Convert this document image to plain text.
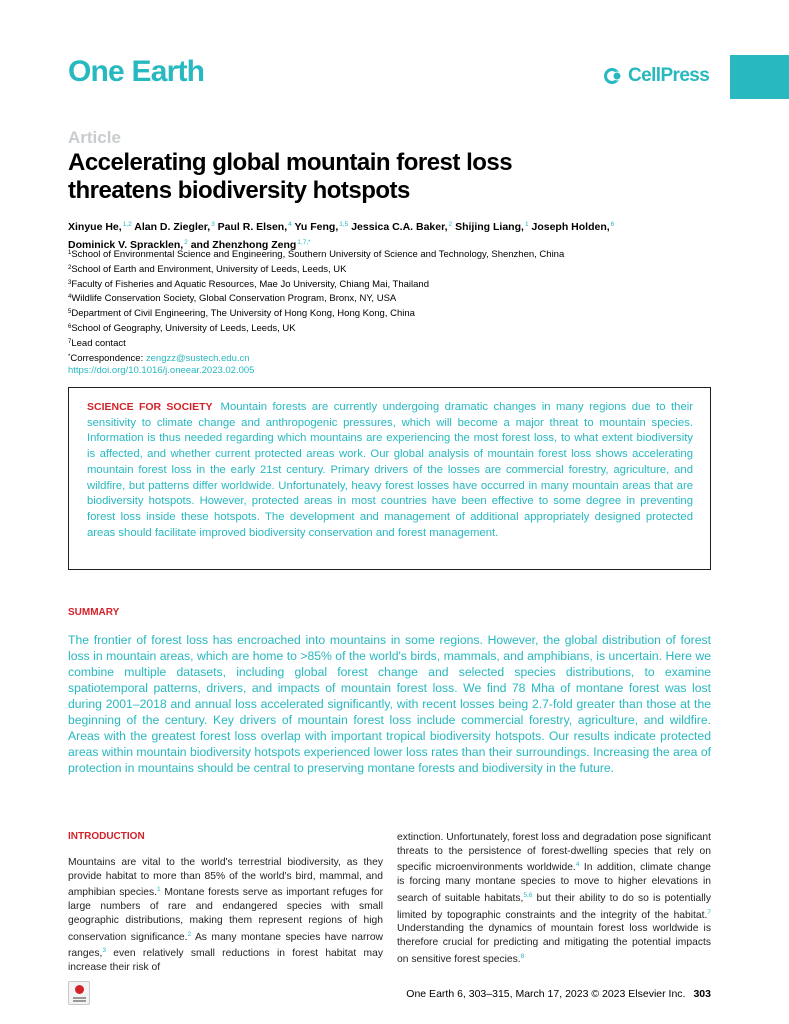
One Earth	CellPress
Article
Accelerating global mountain forest loss threatens biodiversity hotspots
Xinyue He,$^{1,2}$ Alan D. Ziegler,$^3$ Paul R. Elsen,$^4$ Yu Feng,$^{1,5}$ Jessica C.A. Baker,$^2$ Shijing Liang,$^1$ Joseph Holden,$^6$
Dominick V. Spracklen,$^2$ and Zhenzhong Zeng$^{1,7,*}$
$^1$School of Environmental Science and Engineering, Southern University of Science and Technology, Shenzhen, China
$^2$School of Earth and Environment, University of Leeds, Leeds, UK
$^3$Faculty of Fisheries and Aquatic Resources, Mae Jo University, Chiang Mai, Thailand
$^4$Wildlife Conservation Society, Global Conservation Program, Bronx, NY, USA
$^5$Department of Civil Engineering, The University of Hong Kong, Hong Kong, China
$^6$School of Geography, University of Leeds, Leeds, UK
$^7$Lead contact
*Correspondence: zengzz@sustech.edu.cn
https://doi.org/10.1016/j.oneear.2023.02.005

SCIENCE FOR SOCIETY Mountain forests are currently undergoing dramatic changes in many regions due to their sensitivity to climate change and anthropogenic pressures, which will become a major threat to mountain species. Information is thus needed regarding which mountains are experiencing the most forest loss, to what extent biodiversity is affected, and whether current protected areas work. Our global analysis of mountain forest loss shows accelerating mountain forest loss in the early 21st century. Primary drivers of the losses are commercial forestry, agriculture, and wildfire, but patterns differ worldwide. Unfortunately, heavy forest losses have occurred in many mountain areas that are biodiversity hotspots. However, protected areas in most countries have been effective to some degree in preventing forest loss inside these hotspots. The development and management of additional appropriately designed protected areas should facilitate improved biodiversity conservation and forest management.

SUMMARY

The frontier of forest loss has encroached into mountains in some regions. However, the global distribution of forest loss in mountain areas, which are home to >85% of the world's birds, mammals, and amphibians, is uncertain. Here we combine multiple datasets, including global forest change and selected species distributions, to examine spatiotemporal patterns, drivers, and impacts of mountain forest loss. We find 78 Mha of montane forest was lost during 2001–2018 and annual loss accelerated significantly, with recent losses being 2.7-fold greater than those at the beginning of the century. Key drivers of mountain forest loss include commercial forestry, agriculture, and wildfire. Areas with the greatest forest loss overlap with important tropical biodiversity hotspots. Our results indicate protected areas within mountain biodiversity hotspots experienced lower loss rates than their surroundings. Increasing the area of protection in mountains should be central to preserving montane forests and biodiversity in the future.

INTRODUCTION

Mountains are vital to the world's terrestrial biodiversity, as they provide habitat to more than 85% of the world's bird, mammal, and amphibian species.$^1$ Montane forests serve as important refuges for large numbers of rare and endangered species with small geographic distributions, making them represent regions of high conservation significance.$^2$ As many montane species have narrow ranges,$^3$ even relatively small reductions in forest habitat may increase their risk of

extinction. Unfortunately, forest loss and degradation pose significant threats to the persistence of forest-dwelling species that rely on specific microenvironments worldwide.$^4$ In addition, climate change is forcing many montane species to move to higher elevations in search of suitable habitats,$^{5,6}$ but their ability to do so is potentially limited by topographic constraints and the integrity of the habitat.$^7$ Understanding the dynamics of mountain forest loss worldwide is therefore crucial for predicting and mitigating the potential impacts on sensitive forest species.$^8$

One Earth 6, 303–315, March 17, 2023 © 2023 Elsevier Inc. 303
